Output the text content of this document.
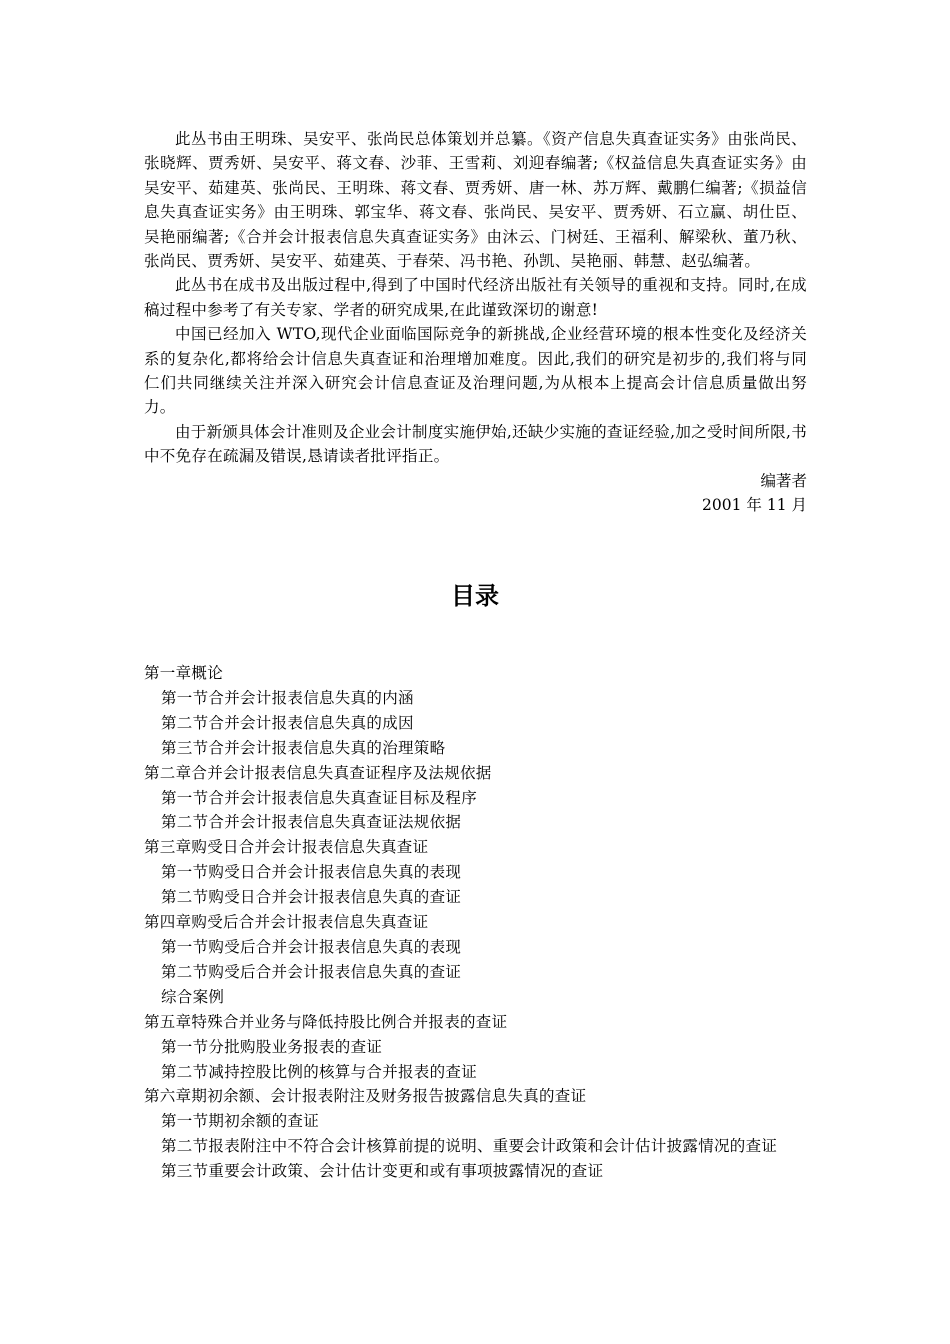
此丛书由王明珠、吴安平、张尚民总体策划并总纂。《资产信息失真查证实务》由张尚民、张晓辉、贾秀妍、吴安平、蒋文春、沙菲、王雪莉、刘迎春编著;《权益信息失真查证实务》由吴安平、茹建英、张尚民、王明珠、蒋文春、贾秀妍、唐一林、苏万辉、戴鹏仁编著;《损益信息失真查证实务》由王明珠、郭宝华、蒋文春、张尚民、吴安平、贾秀妍、石立赢、胡仕臣、吴艳丽编著;《合并会计报表信息失真查证实务》由沐云、门树廷、王福利、解梁秋、董乃秋、张尚民、贾秀妍、吴安平、茹建英、于春荣、冯书艳、孙凯、吴艳丽、韩慧、赵弘编著。

此丛书在成书及出版过程中,得到了中国时代经济出版社有关领导的重视和支持。同时,在成稿过程中参考了有关专家、学者的研究成果,在此谨致深切的谢意!

中国已经加入 WTO,现代企业面临国际竞争的新挑战,企业经营环境的根本性变化及经济关系的复杂化,都将给会计信息失真查证和治理增加难度。因此,我们的研究是初步的,我们将与同仁们共同继续关注并深入研究会计信息查证及治理问题,为从根本上提高会计信息质量做出努力。

由于新颁具体会计准则及企业会计制度实施伊始,还缺少实施的查证经验,加之受时间所限,书中不免存在疏漏及错误,恳请读者批评指正。

编著者
2001 年 11 月
目录
第一章概论
第一节合并会计报表信息失真的内涵
第二节合并会计报表信息失真的成因
第三节合并会计报表信息失真的治理策略
第二章合并会计报表信息失真查证程序及法规依据
第一节合并会计报表信息失真查证目标及程序
第二节合并会计报表信息失真查证法规依据
第三章购受日合并会计报表信息失真查证
第一节购受日合并会计报表信息失真的表现
第二节购受日合并会计报表信息失真的查证
第四章购受后合并会计报表信息失真查证
第一节购受后合并会计报表信息失真的表现
第二节购受后合并会计报表信息失真的查证
综合案例
第五章特殊合并业务与降低持股比例合并报表的查证
第一节分批购股业务报表的查证
第二节减持控股比例的核算与合并报表的查证
第六章期初余额、会计报表附注及财务报告披露信息失真的查证
第一节期初余额的查证
第二节报表附注中不符合会计核算前提的说明、重要会计政策和会计估计披露情况的查证
第三节重要会计政策、会计估计变更和或有事项披露情况的查证
